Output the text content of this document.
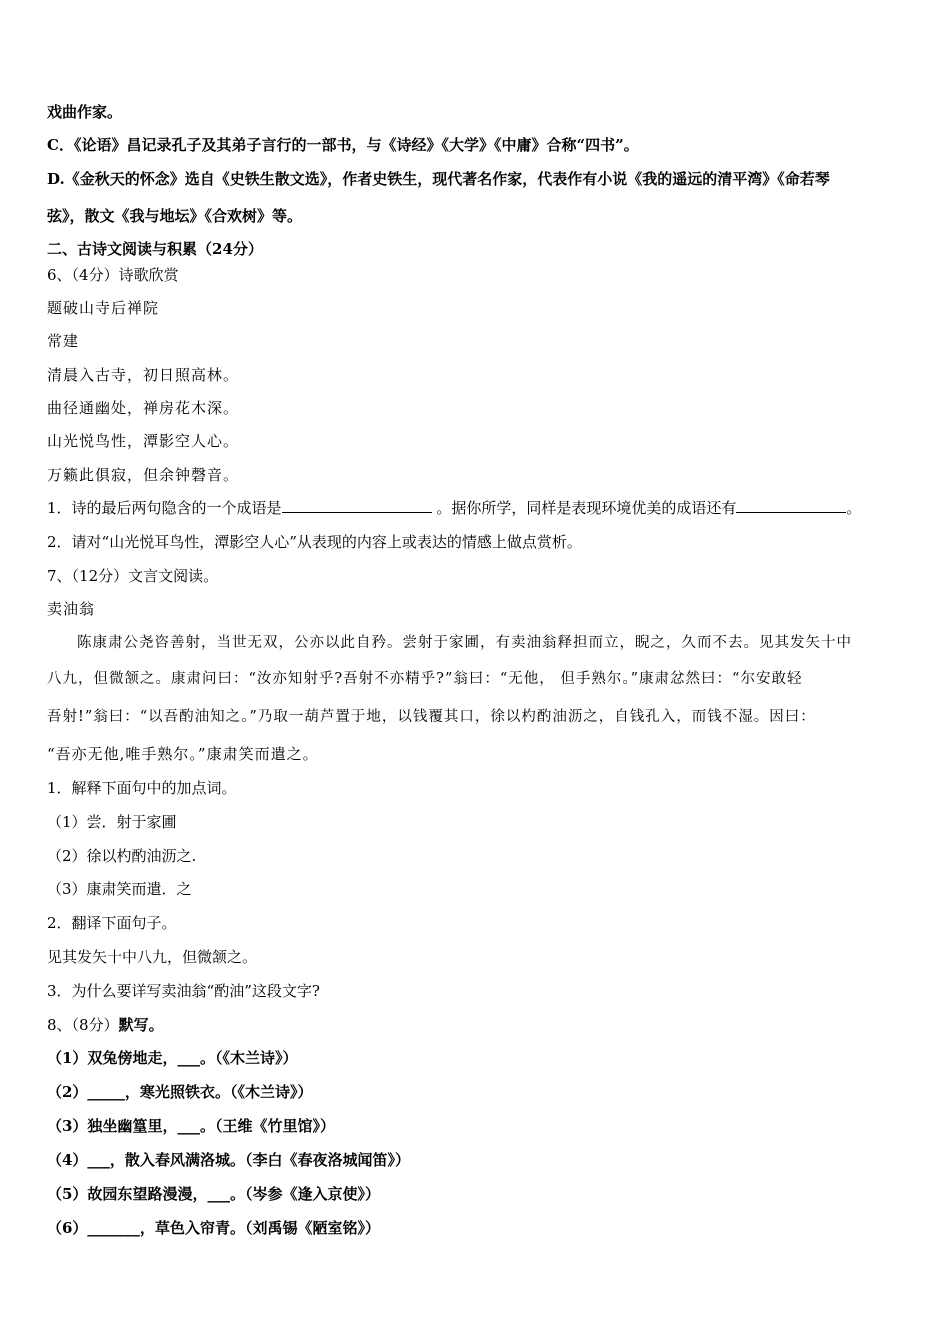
戏曲作家。
C．《论语》昌记录孔子及其弟子言行的一部书，与《诗经》《大学》《中庸》合称“四书”。
D.《金秋天的怀念》选自《史铁生散文选》，作者史铁生，现代著名作家，代表作有小说《我的遥远的清平湾》《命若琴
弦》，散文《我与地坛》《合欢树》等。
二、古诗文阅读与积累（24分）
6、（4分）诗歌欣赏
题破山寺后禅院
常建
清晨入古寺，初日照高林。
曲径通幽处，禅房花木深。
山光悦鸟性，潭影空人心。
万籁此俱寂，但余钟磬音。
1．诗的最后两句隐含的一个成语是	。据你所学，同样是表现环境优美的成语还有	。
2．请对“山光悦耳鸟性，潭影空人心”从表现的内容上或表达的情感上做点赏析。
7、（12分）文言文阅读。
卖油翁
陈康肃公尧咨善射，当世无双，公亦以此自矜。尝射于家圃，有卖油翁释担而立，睨之，久而不去。见其发矢十中
八九，但微颔之。康肃问曰：“汝亦知射乎?吾射不亦精乎?”翁曰：“无他， 但手熟尔。”康肃忿然曰：“尔安敢轻
吾射!”翁曰：“以吾酌油知之。”乃取一葫芦置于地，以钱覆其口，徐以杓酌油沥之，自钱孔入，而钱不湿。因曰：
“吾亦无他,唯手熟尔。”康肃笑而遣之。
1．解释下面句中的加点词。
（1）尝．射于家圃
（2）徐以杓酌油沥之.
（3）康肃笑而遣．之
2．翻译下面句子。
见其发矢十中八九，但微颔之。
3．为什么要详写卖油翁“酌油”这段文字?
8、（8分）默写。
（1）双兔傍地走，___。（《木兰诗》）
（2）_____，寒光照铁衣。（《木兰诗》）
（3）独坐幽篁里，___。（王维《竹里馆》）
（4）___，散入春风满洛城。（李白《春夜洛城闻笛》）
（5）故园东望路漫漫，___。（岑参《逢入京使》）
（6）_______，草色入帘青。（刘禹锡《陋室铭》）
